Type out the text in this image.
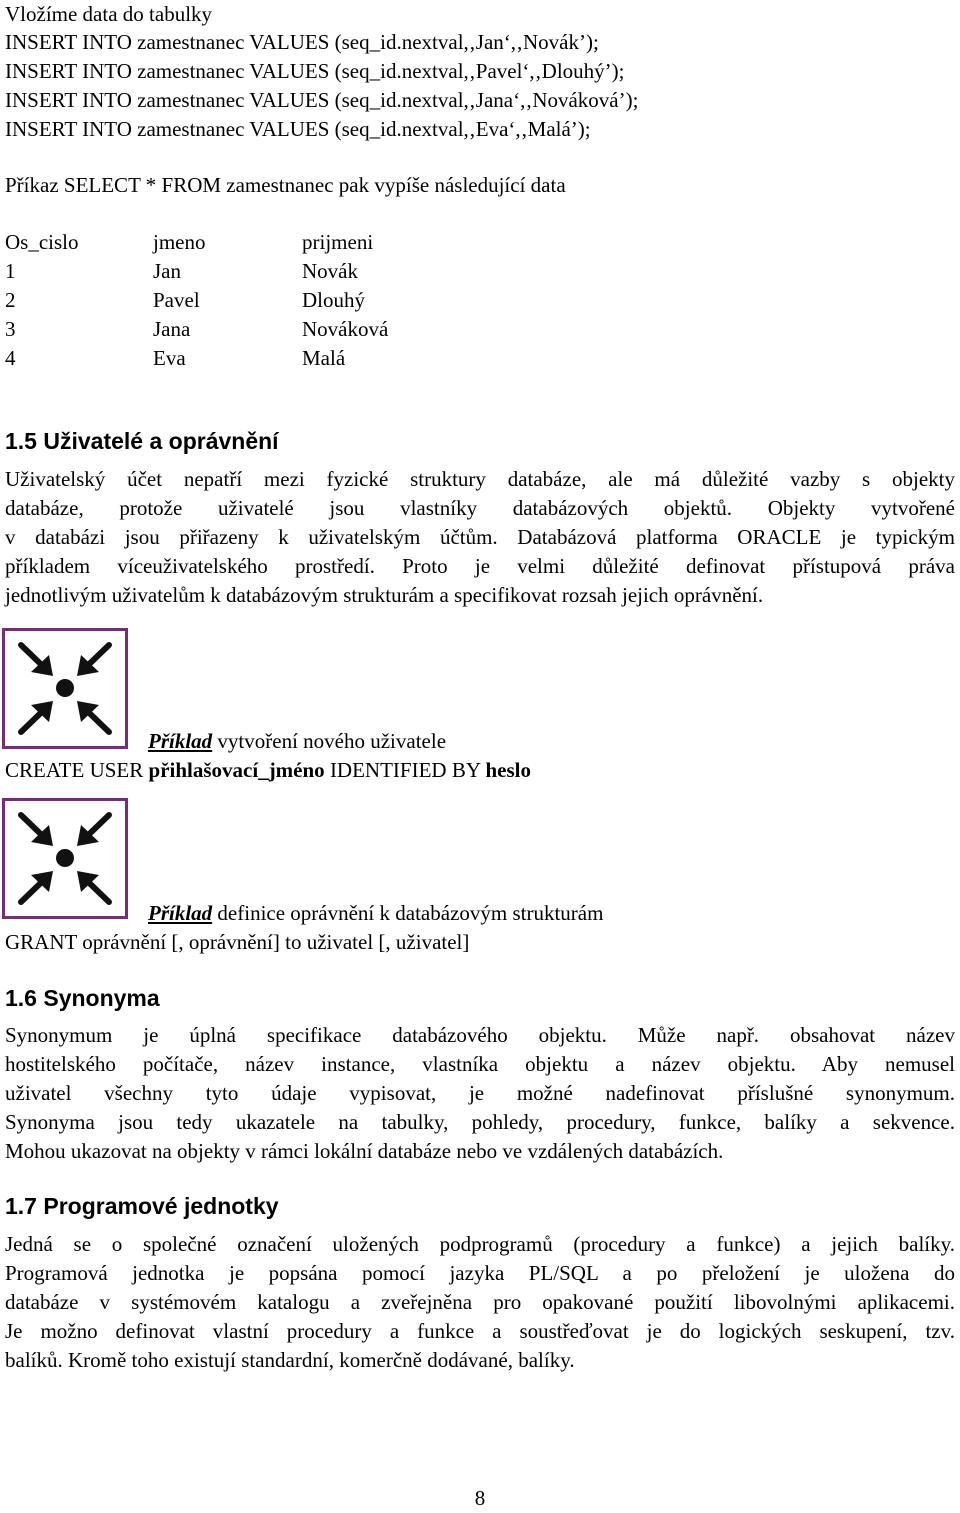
Vložíme data do tabulky
INSERT INTO zamestnanec VALUES (seq_id.nextval,‚Jan‘,‚Novák’);
INSERT INTO zamestnanec VALUES (seq_id.nextval,‚Pavel‘,‚Dlouhý’);
INSERT INTO zamestnanec VALUES (seq_id.nextval,‚Jana‘,‚Nováková’);
INSERT INTO zamestnanec VALUES (seq_id.nextval,‚Eva‘,‚Malá’);
Příkaz SELECT * FROM zamestnanec pak vypíše následující data
Os_cislo	jmeno	prijmeni
1	Jan	Novák
2	Pavel	Dlouhý
3	Jana	Nováková
4	Eva	Malá
1.5 Uživatelé a oprávnění
Uživatelský účet nepatří mezi fyzické struktury databáze, ale má důležité vazby s objekty
databáze, protože uživatelé jsou vlastníky databázových objektů. Objekty vytvořené
v databázi jsou přiřazeny k uživatelským účtům. Databázová platforma ORACLE je typickým
příkladem víceuživatelského prostředí. Proto je velmi důležité definovat přístupová práva
jednotlivým uživatelům k databázovým strukturám a specifikovat rozsah jejich oprávnění.
Příklad vytvoření nového uživatele
CREATE USER přihlašovací_jméno IDENTIFIED BY heslo
Příklad definice oprávnění k databázovým strukturám
GRANT oprávnění [, oprávnění] to uživatel [, uživatel]
1.6 Synonyma
Synonymum je úplná specifikace databázového objektu. Může např. obsahovat název
hostitelského počítače, název instance, vlastníka objektu a název objektu. Aby nemusel
uživatel všechny tyto údaje vypisovat, je možné nadefinovat příslušné synonymum.
Synonyma jsou tedy ukazatele na tabulky, pohledy, procedury, funkce, balíky a sekvence.
Mohou ukazovat na objekty v rámci lokální databáze nebo ve vzdálených databázích.
1.7 Programové jednotky
Jedná se o společné označení uložených podprogramů (procedury a funkce) a jejich balíky.
Programová jednotka je popsána pomocí jazyka PL/SQL a po přeložení je uložena do
databáze v systémovém katalogu a zveřejněna pro opakované použití libovolnými aplikacemi.
Je možno definovat vlastní procedury a funkce a soustřeďovat je do logických seskupení, tzv.
balíků. Kromě toho existují standardní, komerčně dodávané, balíky.
8
